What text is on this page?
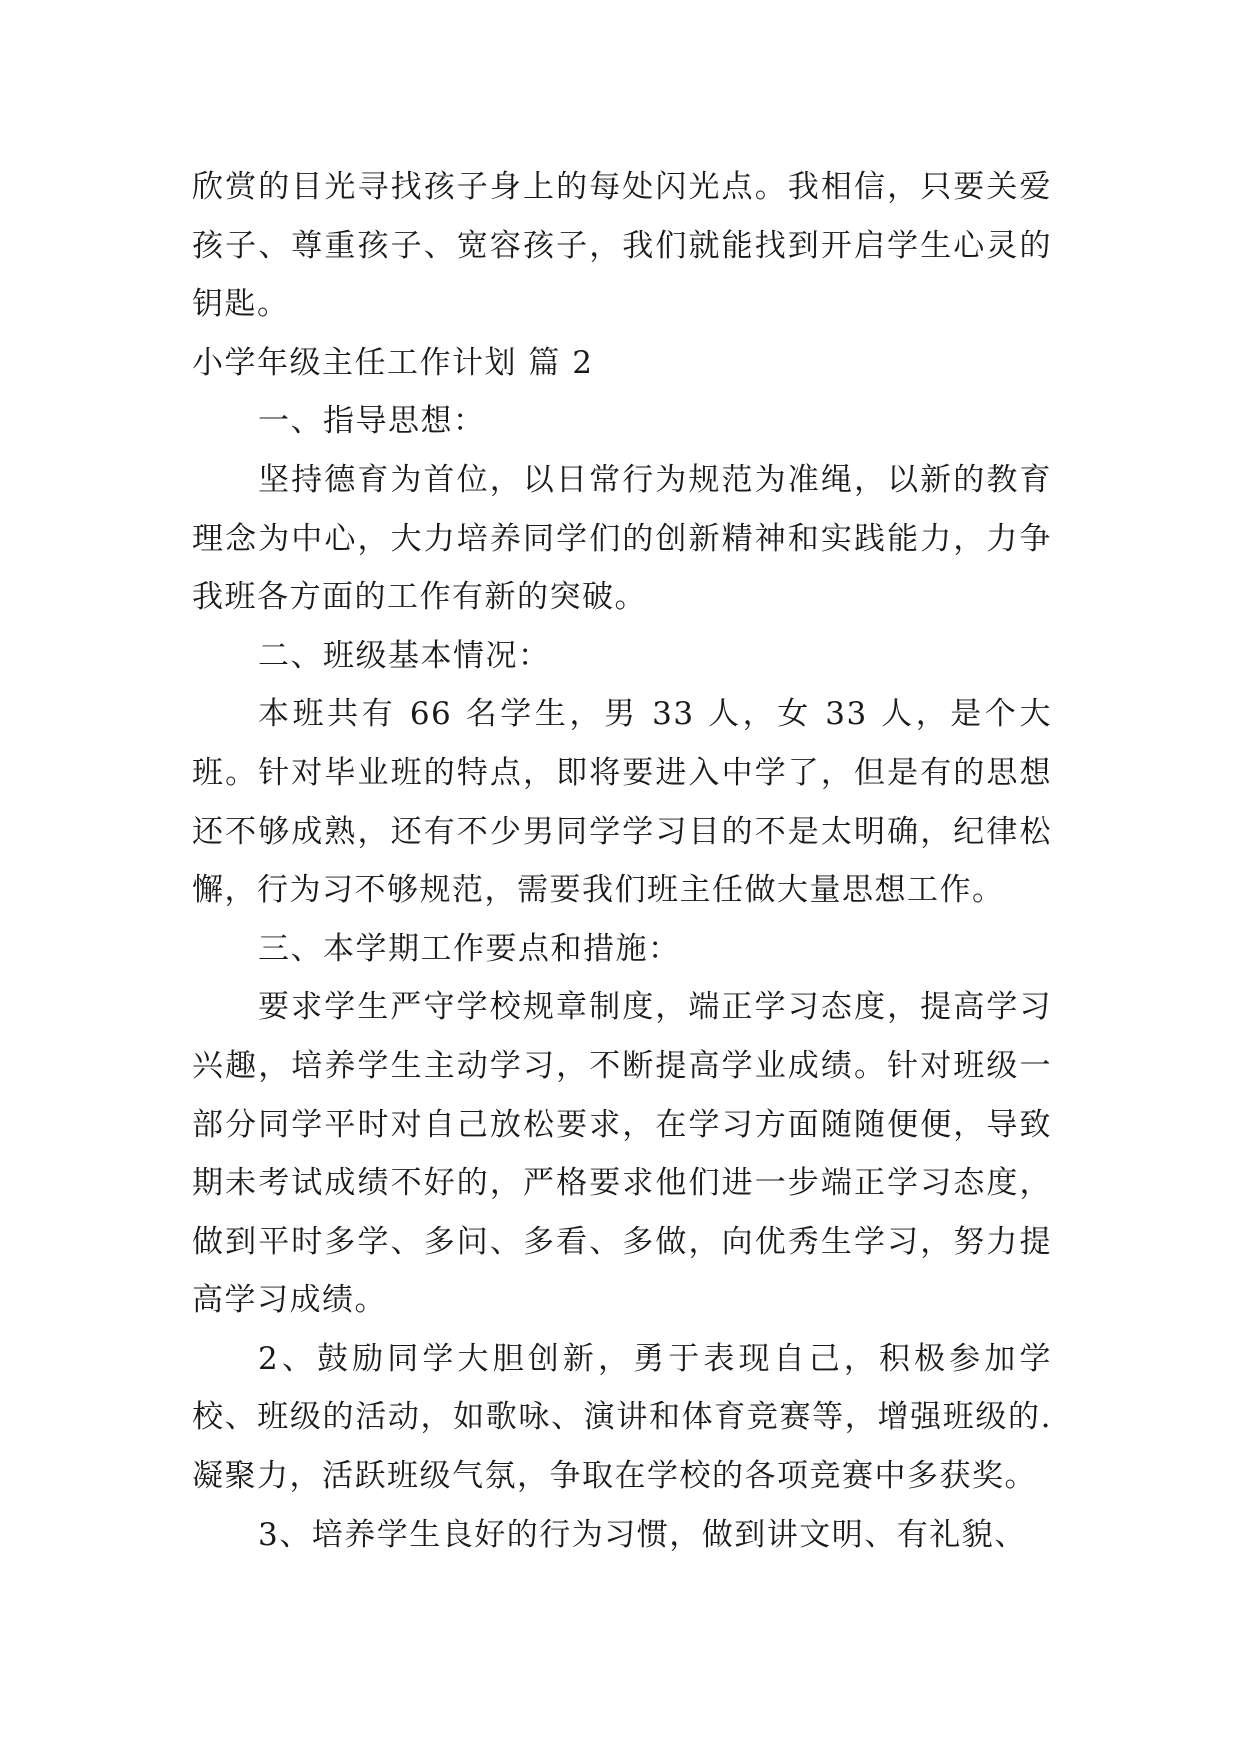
欣赏的目光寻找孩子身上的每处闪光点。我相信，只要关爱孩子、尊重孩子、宽容孩子，我们就能找到开启学生心灵的钥匙。

小学年级主任工作计划 篇 2

一、指导思想：

坚持德育为首位，以日常行为规范为准绳，以新的教育理念为中心，大力培养同学们的创新精神和实践能力，力争我班各方面的工作有新的突破。

二、班级基本情况：

本班共有 66 名学生，男 33 人，女 33 人，是个大班。针对毕业班的特点，即将要进入中学了，但是有的思想还不够成熟，还有不少男同学学习目的不是太明确，纪律松懈，行为习不够规范，需要我们班主任做大量思想工作。

三、本学期工作要点和措施：

要求学生严守学校规章制度，端正学习态度，提高学习兴趣，培养学生主动学习，不断提高学业成绩。针对班级一部分同学平时对自己放松要求，在学习方面随随便便，导致期未考试成绩不好的，严格要求他们进一步端正学习态度，做到平时多学、多问、多看、多做，向优秀生学习，努力提高学习成绩。

2、鼓励同学大胆创新，勇于表现自己，积极参加学校、班级的活动，如歌咏、演讲和体育竞赛等，增强班级的.凝聚力，活跃班级气氛，争取在学校的各项竞赛中多获奖。

3、培养学生良好的行为习惯，做到讲文明、有礼貌、
